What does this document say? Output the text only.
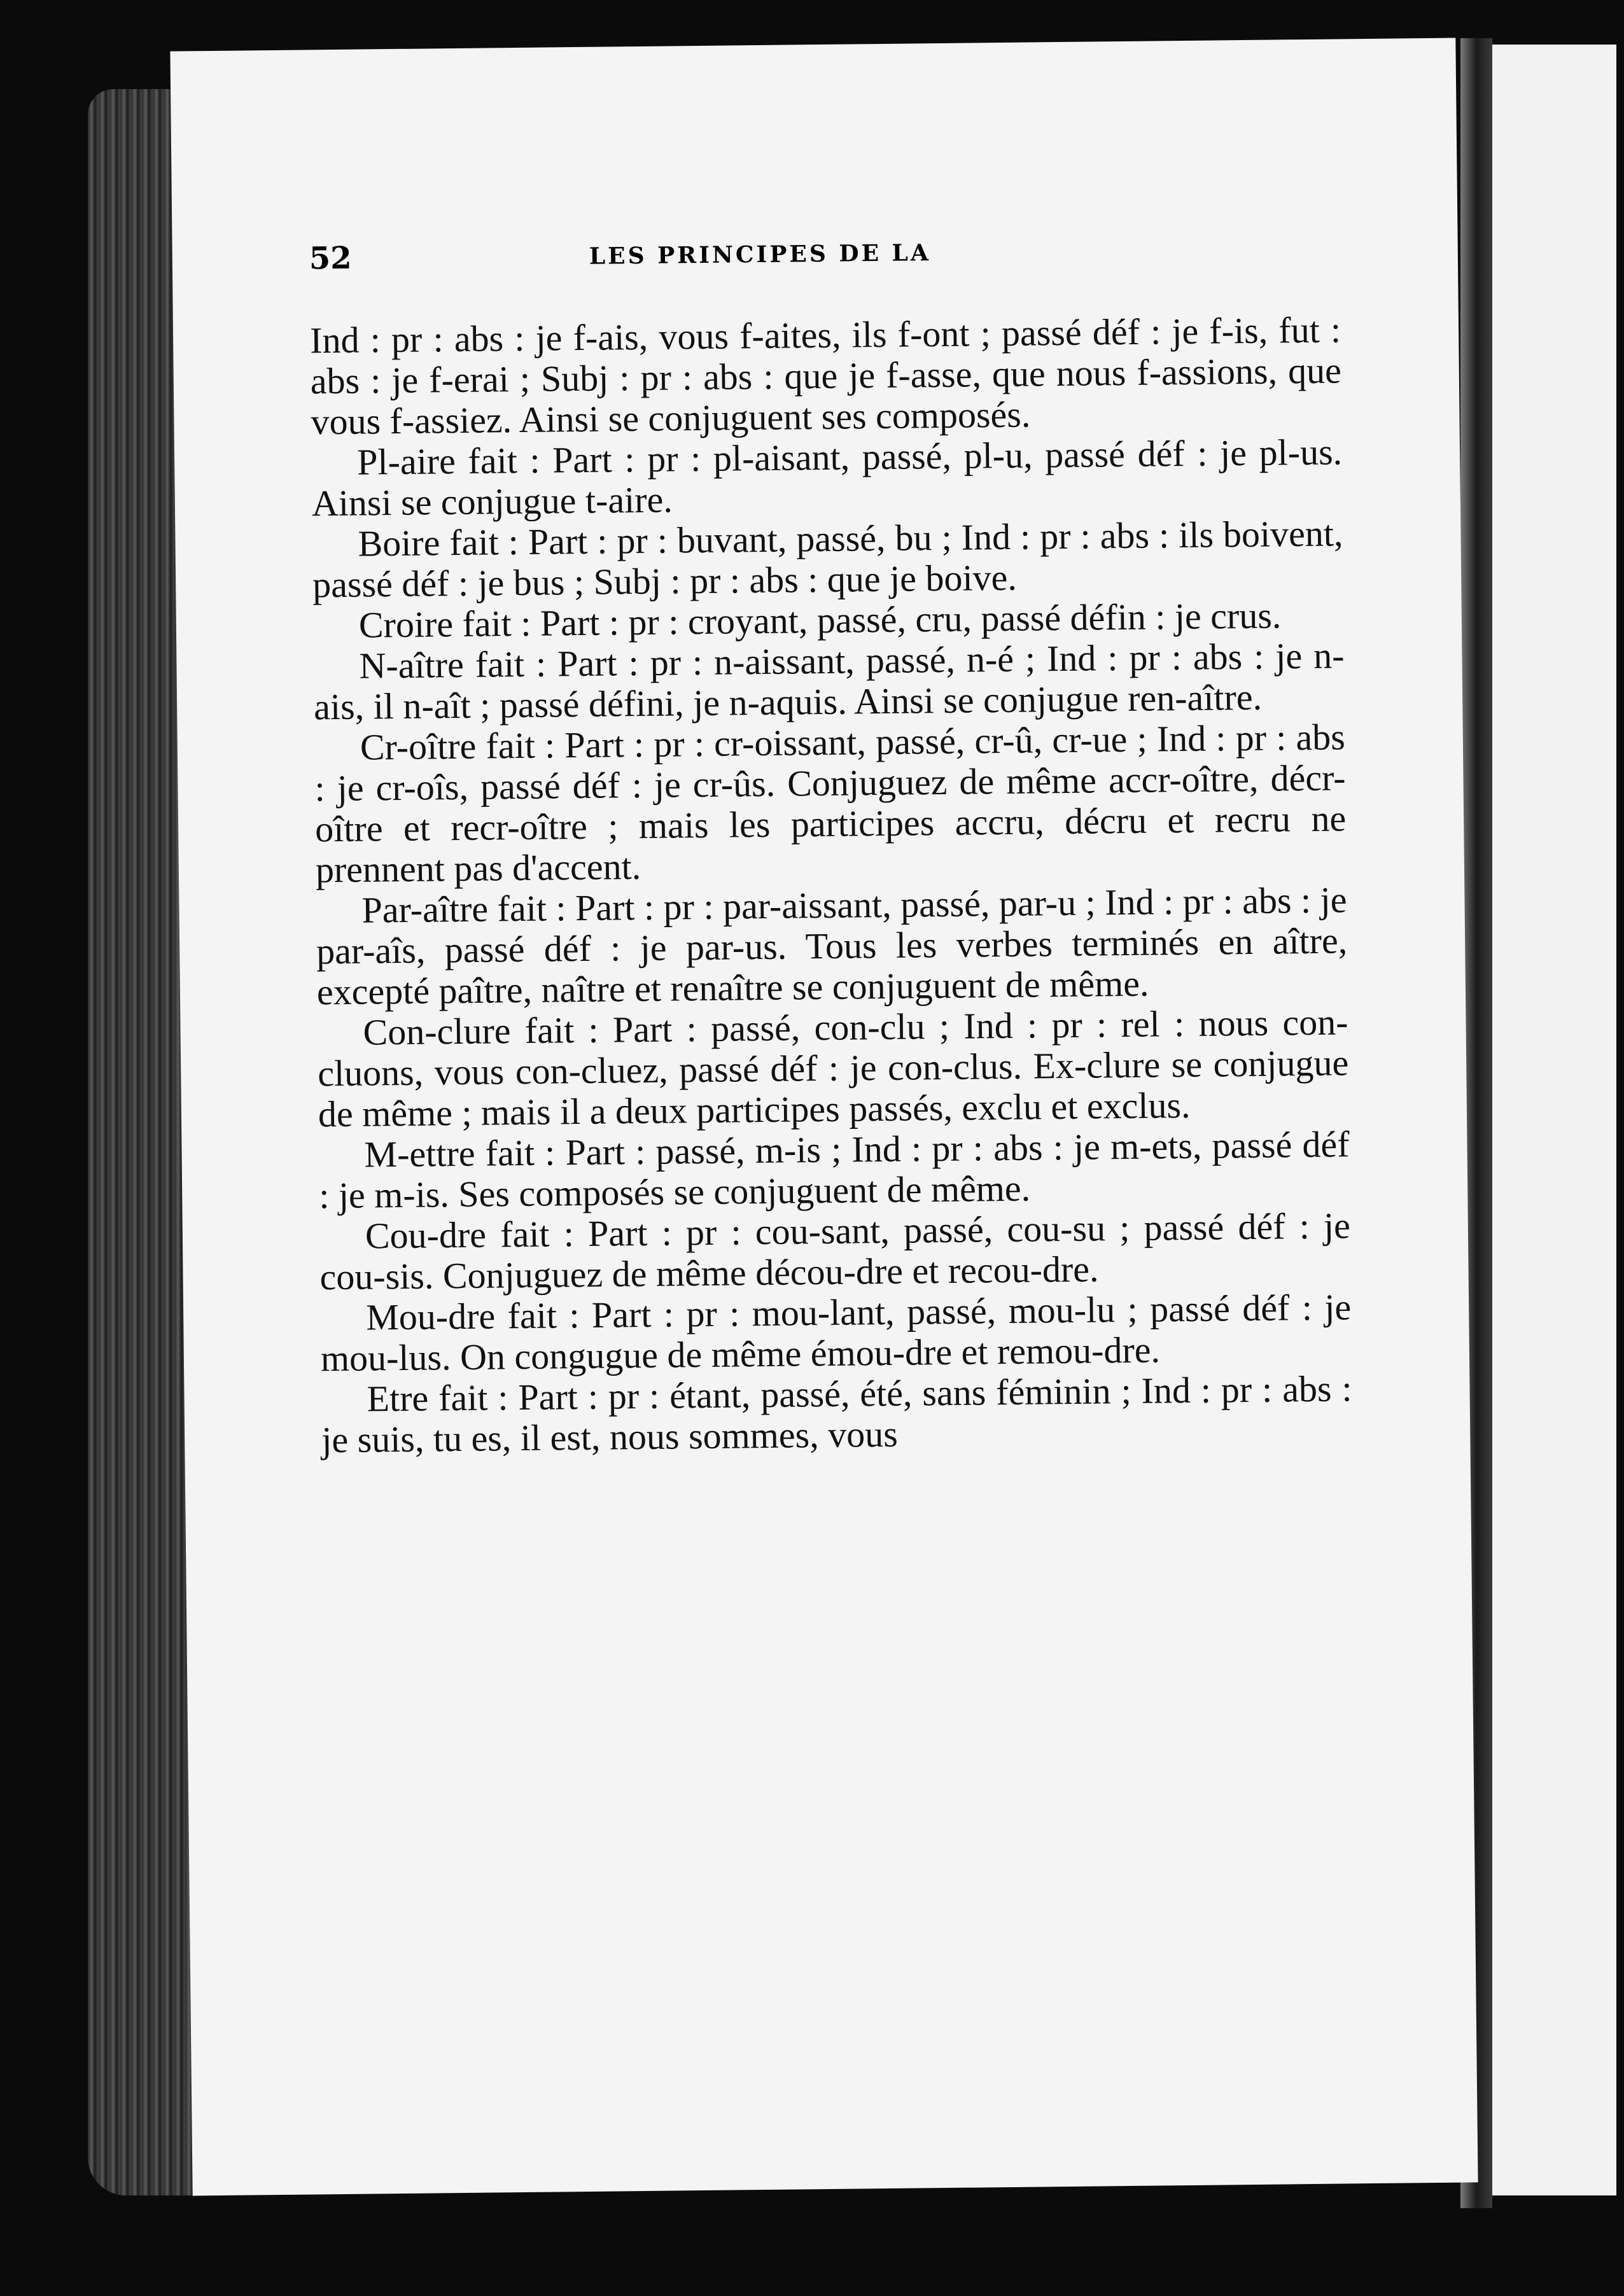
52	LES PRINCIPES DE LA

Ind : pr : abs : je f-ais, vous f-aites, ils f-ont ; passé déf : je f-is, fut : abs : je f-erai ; Subj : pr : abs : que je f-asse, que nous f-assions, que vous f-assiez. Ainsi se conjuguent ses composés.

Pl-aire fait : Part : pr : pl-aisant, passé, pl-u, passé déf : je pl-us. Ainsi se conjugue t-aire.

Boire fait : Part : pr : buvant, passé, bu ; Ind : pr : abs : ils boivent, passé déf : je bus ; Subj : pr : abs : que je boive.

Croire fait : Part : pr : croyant, passé, cru, passé défin : je crus.

N-aître fait : Part : pr : n-aissant, passé, n-é ; Ind : pr : abs : je n-ais, il n-aît ; passé défini, je n-aquis. Ainsi se conjugue ren-aître.

Cr-oître fait : Part : pr : cr-oissant, passé, cr-û, cr-ue ; Ind : pr : abs : je cr-oîs, passé déf : je cr-ûs. Conjuguez de même accr-oître, décr-oître et recr-oître ; mais les participes accru, décru et recru ne prennent pas d'accent.

Par-aître fait : Part : pr : par-aissant, passé, par-u ; Ind : pr : abs : je par-aîs, passé déf : je par-us. Tous les verbes terminés en aître, excepté paître, naître et renaître se conjuguent de même.

Con-clure fait : Part : passé, con-clu ; Ind : pr : rel : nous con-cluons, vous con-cluez, passé déf : je con-clus. Ex-clure se conjugue de même ; mais il a deux participes passés, exclu et exclus.

M-ettre fait : Part : passé, m-is ; Ind : pr : abs : je m-ets, passé déf : je m-is. Ses composés se conjuguent de même.

Cou-dre fait : Part : pr : cou-sant, passé, cou-su ; passé déf : je cou-sis. Conjuguez de même décou-dre et recou-dre.

Mou-dre fait : Part : pr : mou-lant, passé, mou-lu ; passé déf : je mou-lus. On congugue de même émou-dre et remou-dre.

Etre fait : Part : pr : étant, passé, été, sans féminin ; Ind : pr : abs : je suis, tu es, il est, nous sommes, vous
